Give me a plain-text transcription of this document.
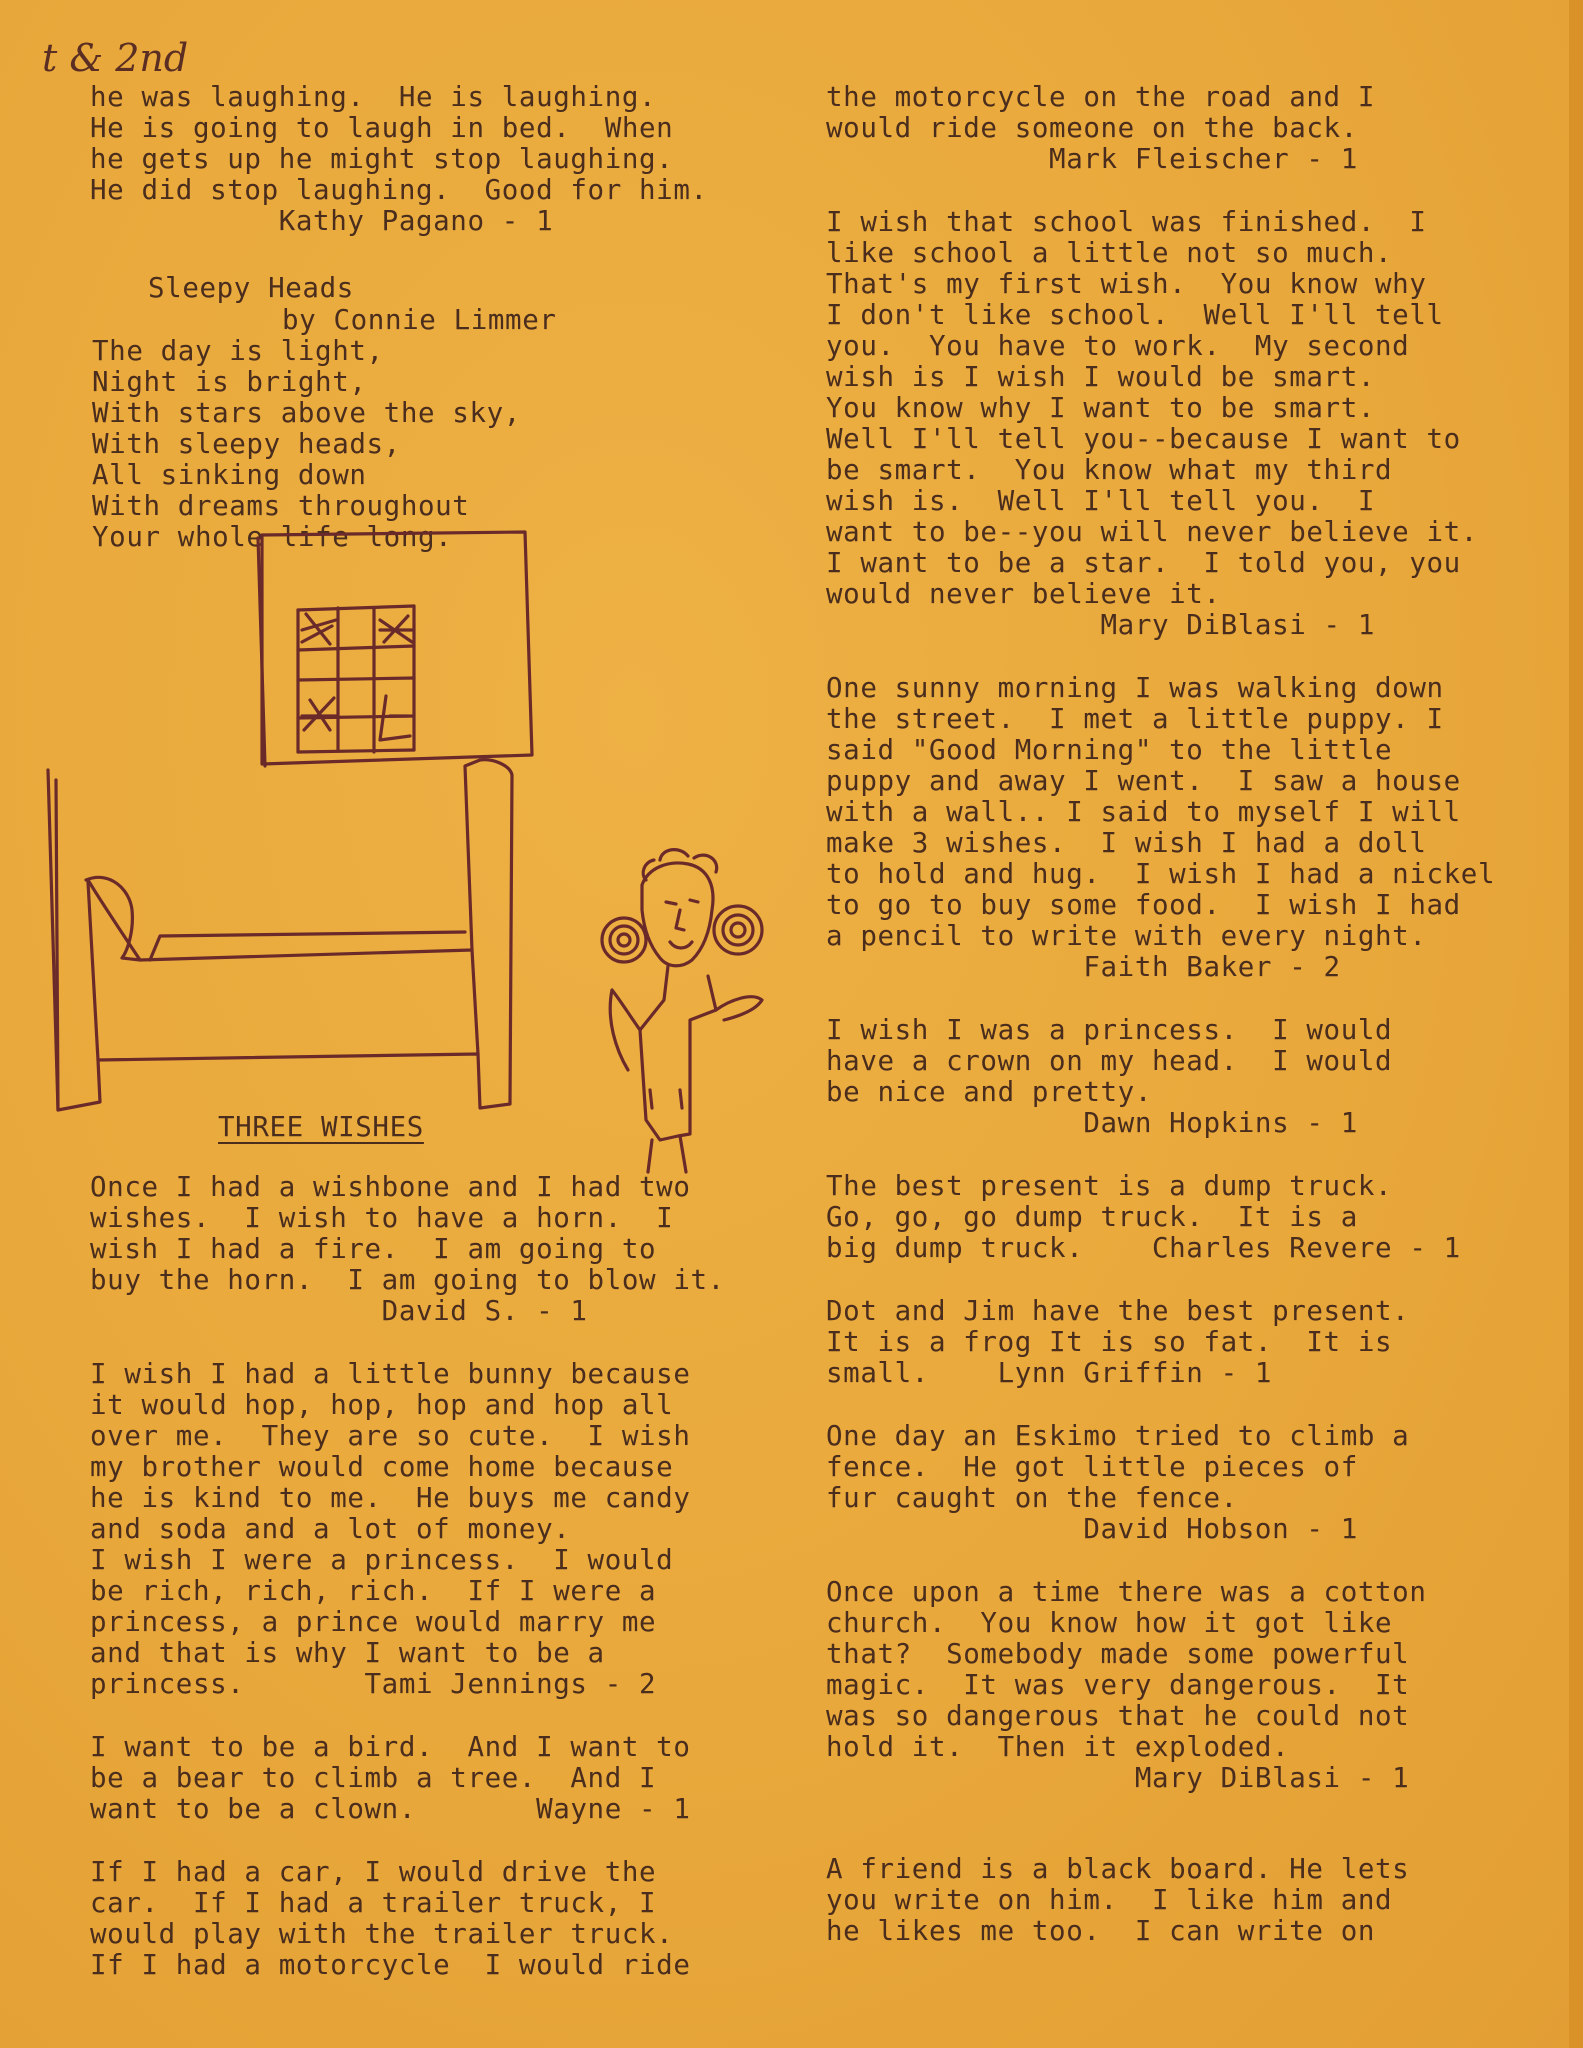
t & 2nd
he was laughing.  He is laughing.
He is going to laugh in bed.  When
he gets up he might stop laughing.
He did stop laughing.  Good for him.
Kathy Pagano - 1
Sleepy Heads
by Connie Limmer
The day is light,
Night is bright,
With stars above the sky,
With sleepy heads,
All sinking down
With dreams throughout
Your whole life long.
THREE WISHES
Once I had a wishbone and I had two
wishes.  I wish to have a horn.  I
wish I had a fire.  I am going to
buy the horn.  I am going to blow it.
David S. - 1
I wish I had a little bunny because
it would hop, hop, hop and hop all
over me.  They are so cute.  I wish
my brother would come home because
he is kind to me.  He buys me candy
and soda and a lot of money.
I wish I were a princess.  I would
be rich, rich, rich.  If I were a
princess, a prince would marry me
and that is why I want to be a
princess.       Tami Jennings - 2
I want to be a bird.  And I want to
be a bear to climb a tree.  And I
want to be a clown.       Wayne - 1
If I had a car, I would drive the
car.  If I had a trailer truck, I
would play with the trailer truck.
If I had a motorcycle  I would ride
the motorcycle on the road and I
would ride someone on the back.
Mark Fleischer - 1
I wish that school was finished.  I
like school a little not so much.
That's my first wish.  You know why
I don't like school.  Well I'll tell
you.  You have to work.  My second
wish is I wish I would be smart.
You know why I want to be smart.
Well I'll tell you--because I want to
be smart.  You know what my third
wish is.  Well I'll tell you.  I
want to be--you will never believe it.
I want to be a star.  I told you, you
would never believe it.
Mary DiBlasi - 1
One sunny morning I was walking down
the street.  I met a little puppy. I
said "Good Morning" to the little
puppy and away I went.  I saw a house
with a wall.. I said to myself I will
make 3 wishes.  I wish I had a doll
to hold and hug.  I wish I had a nickel
to go to buy some food.  I wish I had
a pencil to write with every night.
Faith Baker - 2
I wish I was a princess.  I would
have a crown on my head.  I would
be nice and pretty.
Dawn Hopkins - 1
The best present is a dump truck.
Go, go, go dump truck.  It is a
big dump truck.    Charles Revere - 1
Dot and Jim have the best present.
It is a frog It is so fat.  It is
small.    Lynn Griffin - 1
One day an Eskimo tried to climb a
fence.  He got little pieces of
fur caught on the fence.
David Hobson - 1
Once upon a time there was a cotton
church.  You know how it got like
that?  Somebody made some powerful
magic.  It was very dangerous.  It
was so dangerous that he could not
hold it.  Then it exploded.
Mary DiBlasi - 1
A friend is a black board. He lets
you write on him.  I like him and
he likes me too.  I can write on
